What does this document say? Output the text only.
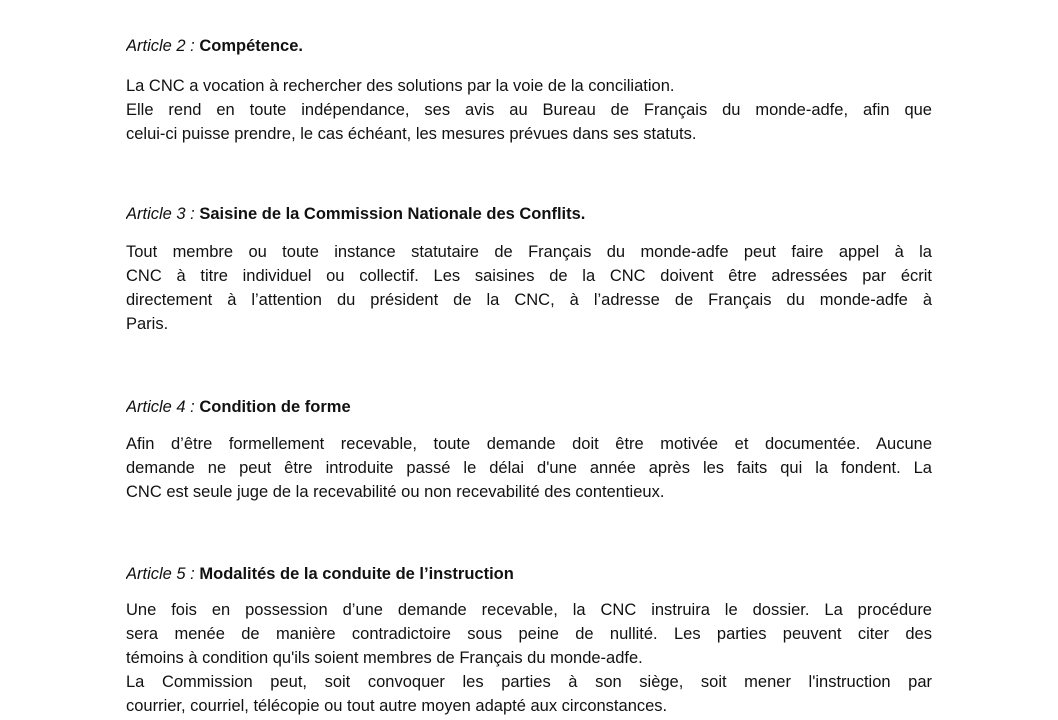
Article 2 : Compétence.
La CNC a vocation à rechercher des solutions par la voie de la conciliation.
Elle rend en toute indépendance, ses avis au Bureau de Français du monde-adfe, afin que
celui-ci puisse prendre, le cas échéant, les mesures prévues dans ses statuts.
Article 3 : Saisine de la Commission Nationale des Conflits.
Tout membre ou toute instance statutaire de Français du monde-adfe peut faire appel à la
CNC à titre individuel ou collectif. Les saisines de la CNC doivent être adressées par écrit
directement à l’attention du président de la CNC, à l’adresse de Français du monde-adfe à
Paris.
Article 4 : Condition de forme
Afin d’être formellement recevable, toute demande doit être motivée et documentée. Aucune
demande ne peut être introduite passé le délai d'une année après les faits qui la fondent. La
CNC est seule juge de la recevabilité ou non recevabilité des contentieux.
Article 5 : Modalités de la conduite de l’instruction
Une fois en possession d’une demande recevable, la CNC instruira le dossier. La procédure
sera menée de manière contradictoire sous peine de nullité. Les parties peuvent citer des
témoins à condition qu'ils soient membres de Français du monde-adfe.
La Commission peut, soit convoquer les parties à son siège, soit mener l'instruction par
courrier, courriel, télécopie ou tout autre moyen adapté aux circonstances.
